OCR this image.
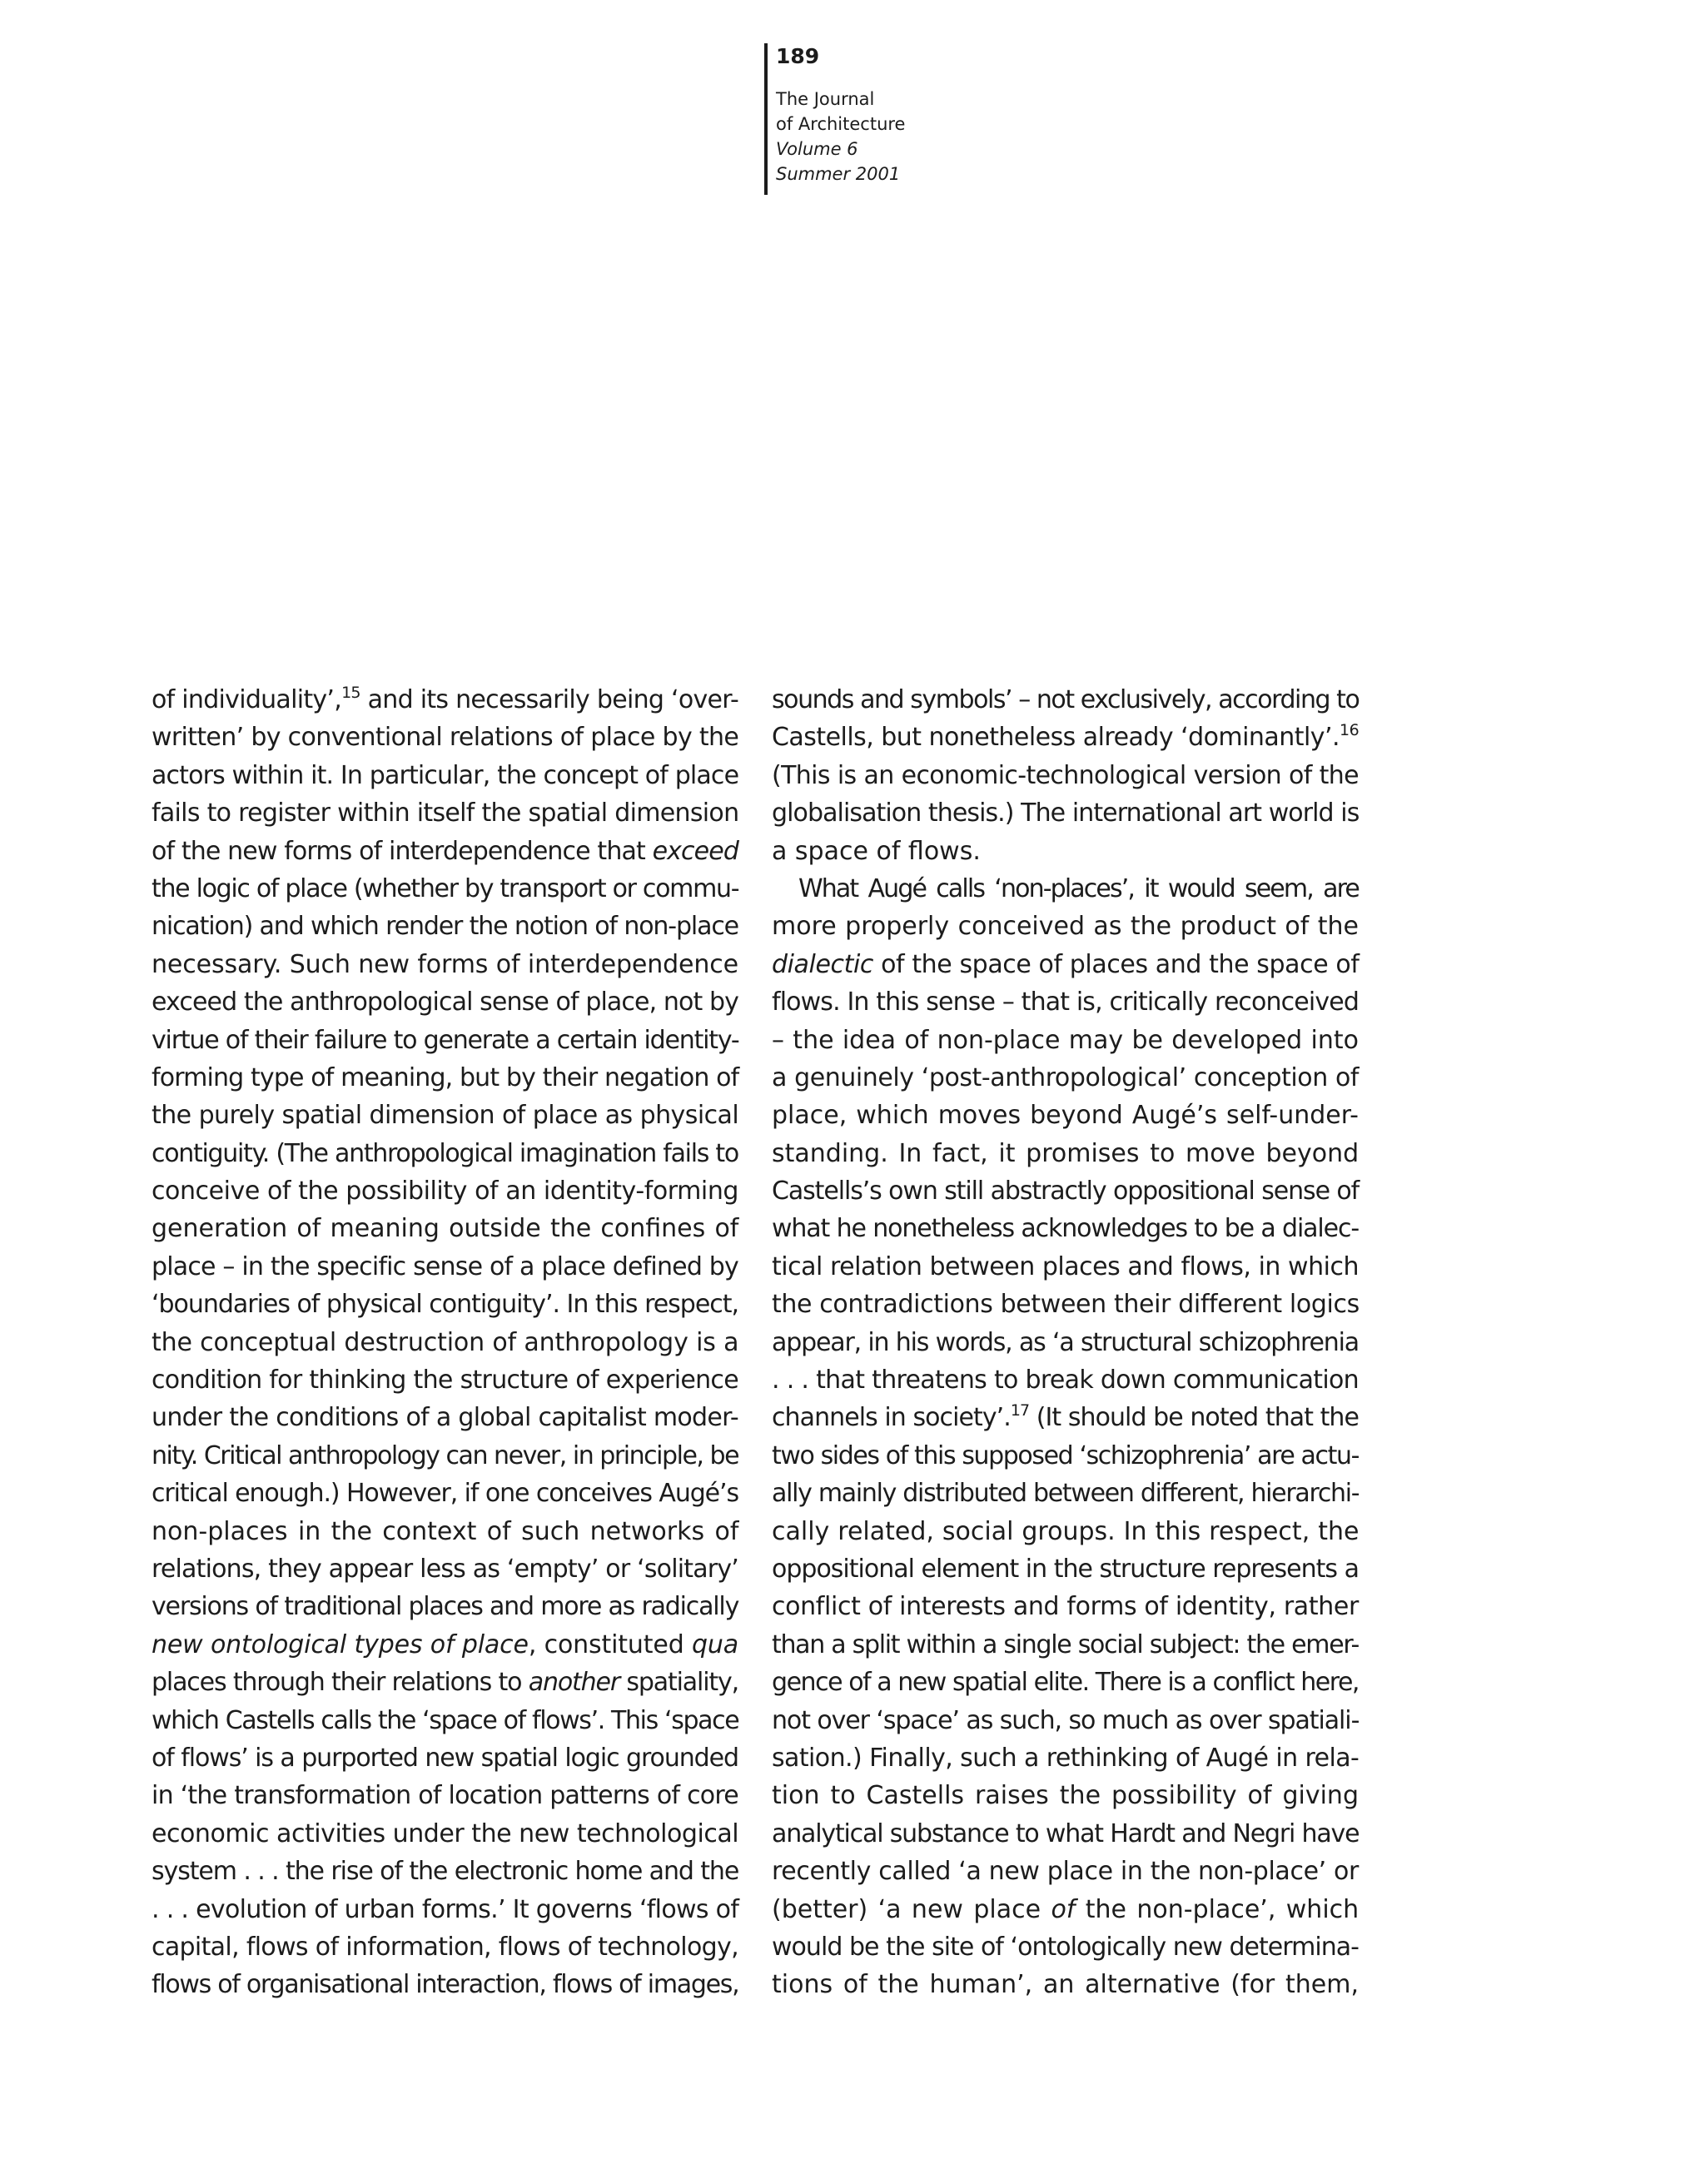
189
The Journal
of Architecture
Volume 6
Summer 2001
of individuality’,$^{15}$ and its necessarily being ‘over-
written’ by conventional relations of place by the
actors within it. In particular, the concept of place
fails to register within itself the spatial dimension
of the new forms of interdependence that exceed
the logic of place (whether by transport or commu-
nication) and which render the notion of non-place
necessary. Such new forms of interdependence
exceed the anthropological sense of place, not by
virtue of their failure to generate a certain identity-
forming type of meaning, but by their negation of
the purely spatial dimension of place as physical
contiguity. (The anthropological imagination fails to
conceive of the possibility of an identity-forming
generation of meaning outside the confines of
place – in the specific sense of a place defined by
‘boundaries of physical contiguity’. In this respect,
the conceptual destruction of anthropology is a
condition for thinking the structure of experience
under the conditions of a global capitalist moder-
nity. Critical anthropology can never, in principle, be
critical enough.) However, if one conceives Augé’s
non-places in the context of such networks of
relations, they appear less as ‘empty’ or ‘solitary’
versions of traditional places and more as radically
new ontological types of place, constituted qua
places through their relations to another spatiality,
which Castells calls the ‘space of flows’. This ‘space
of flows’ is a purported new spatial logic grounded
in ‘the transformation of location patterns of core
economic activities under the new technological
system . . . the rise of the electronic home and the
. . . evolution of urban forms.’ It governs ‘flows of
capital, flows of information, flows of technology,
flows of organisational interaction, flows of images,
sounds and symbols’ – not exclusively, according to
Castells, but nonetheless already ‘dominantly’.$^{16}$
(This is an economic-technological version of the
globalisation thesis.) The international art world is
a space of flows.
What Augé calls ‘non-places’, it would seem, are
more properly conceived as the product of the
dialectic of the space of places and the space of
flows. In this sense – that is, critically reconceived
– the idea of non-place may be developed into
a genuinely ‘post-anthropological’ conception of
place, which moves beyond Augé’s self-under-
standing. In fact, it promises to move beyond
Castells’s own still abstractly oppositional sense of
what he nonetheless acknowledges to be a dialec-
tical relation between places and flows, in which
the contradictions between their different logics
appear, in his words, as ‘a structural schizophrenia
. . . that threatens to break down communication
channels in society’.$^{17}$ (It should be noted that the
two sides of this supposed ‘schizophrenia’ are actu-
ally mainly distributed between different, hierarchi-
cally related, social groups. In this respect, the
oppositional element in the structure represents a
conflict of interests and forms of identity, rather
than a split within a single social subject: the emer-
gence of a new spatial elite. There is a conflict here,
not over ‘space’ as such, so much as over spatiali-
sation.) Finally, such a rethinking of Augé in rela-
tion to Castells raises the possibility of giving
analytical substance to what Hardt and Negri have
recently called ‘a new place in the non-place’ or
(better) ‘a new place of the non-place’, which
would be the site of ‘ontologically new determina-
tions of the human’, an alternative (for them,
